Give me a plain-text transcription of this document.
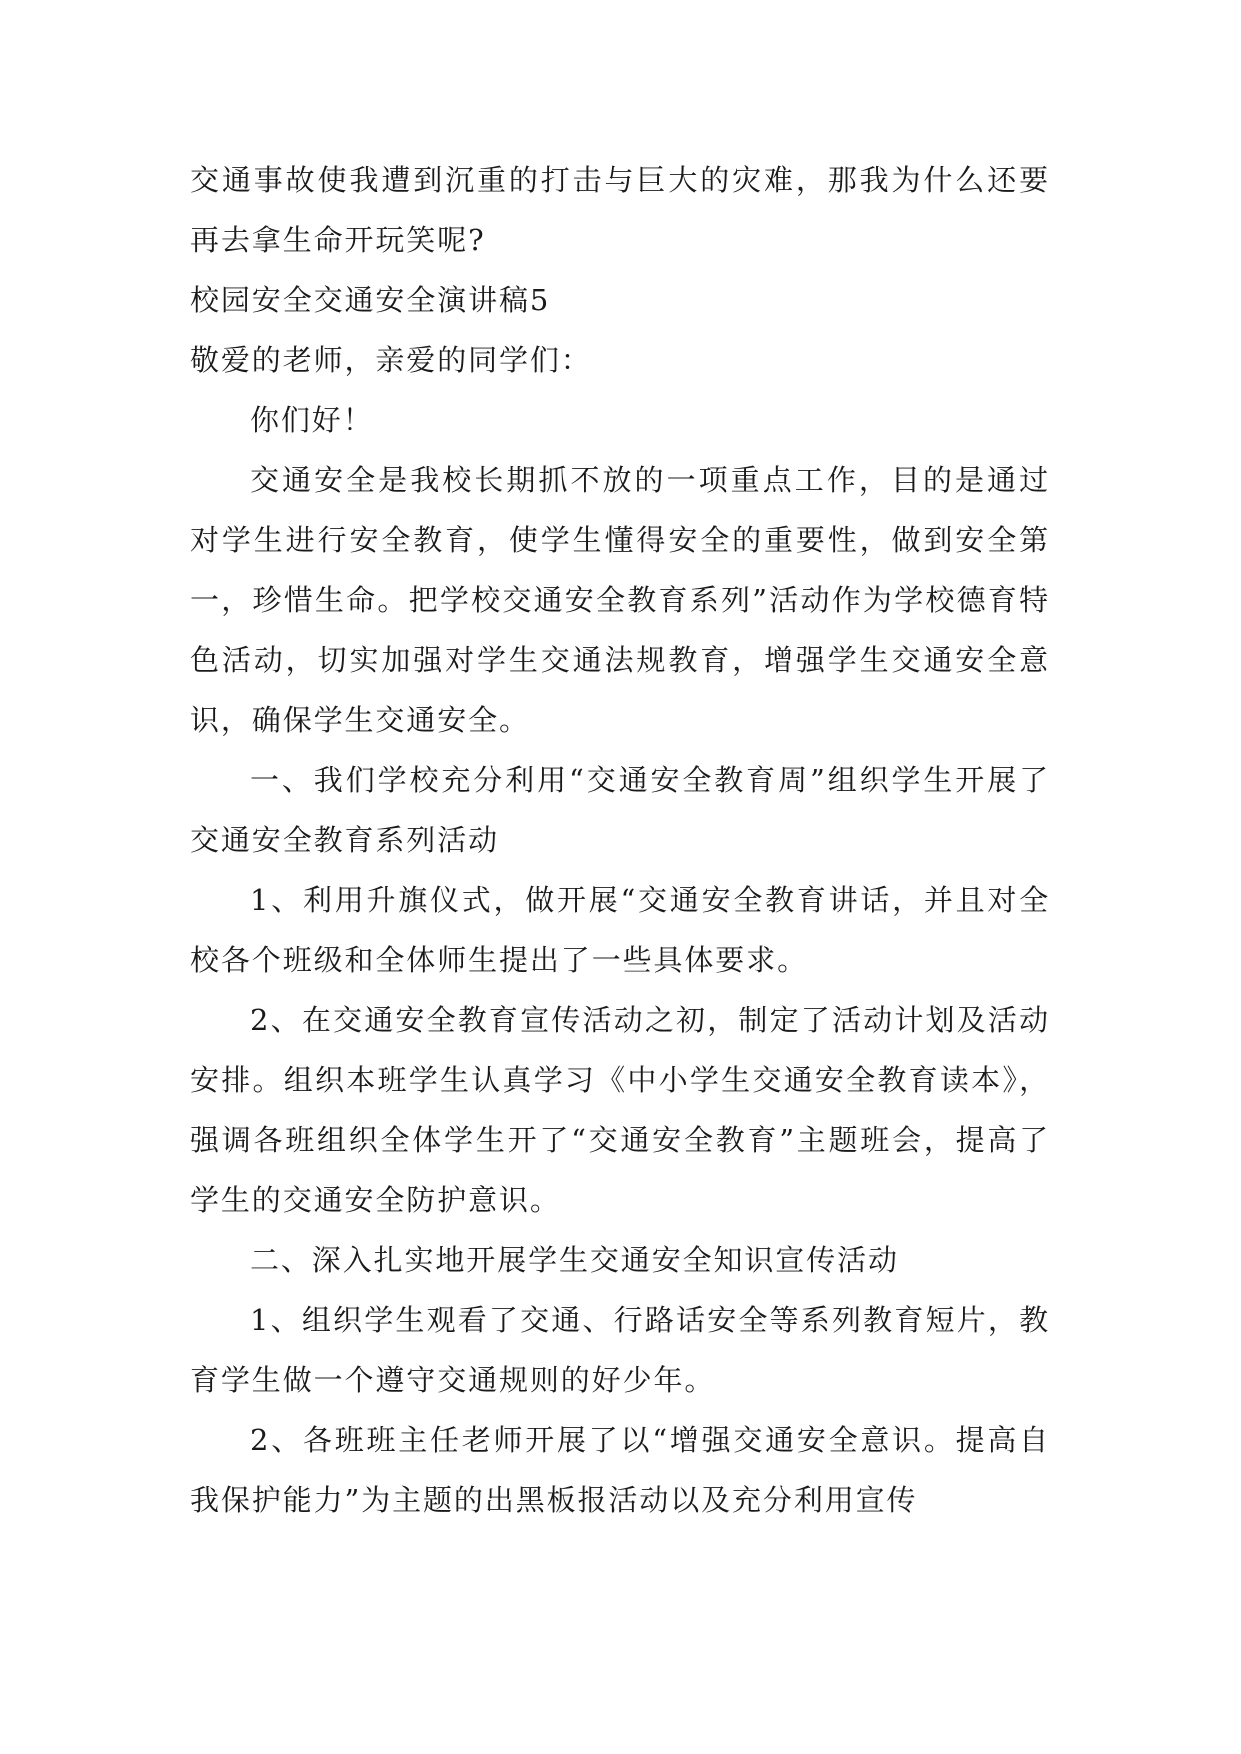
交通事故使我遭到沉重的打击与巨大的灾难，那我为什么还要再去拿生命开玩笑呢?

校园安全交通安全演讲稿5

敬爱的老师，亲爱的同学们：

你们好！

交通安全是我校长期抓不放的一项重点工作，目的是通过对学生进行安全教育，使学生懂得安全的重要性，做到安全第一，珍惜生命。把学校交通安全教育系列”活动作为学校德育特色活动，切实加强对学生交通法规教育，增强学生交通安全意识，确保学生交通安全。

一、我们学校充分利用“交通安全教育周”组织学生开展了交通安全教育系列活动

1、利用升旗仪式，做开展“交通安全教育讲话，并且对全校各个班级和全体师生提出了一些具体要求。

2、在交通安全教育宣传活动之初，制定了活动计划及活动安排。组织本班学生认真学习《中小学生交通安全教育读本》，强调各班组织全体学生开了“交通安全教育”主题班会，提高了学生的交通安全防护意识。

二、深入扎实地开展学生交通安全知识宣传活动

1、组织学生观看了交通、行路话安全等系列教育短片，教育学生做一个遵守交通规则的好少年。

2、各班班主任老师开展了以“增强交通安全意识。提高自我保护能力”为主题的出黑板报活动以及充分利用宣传
